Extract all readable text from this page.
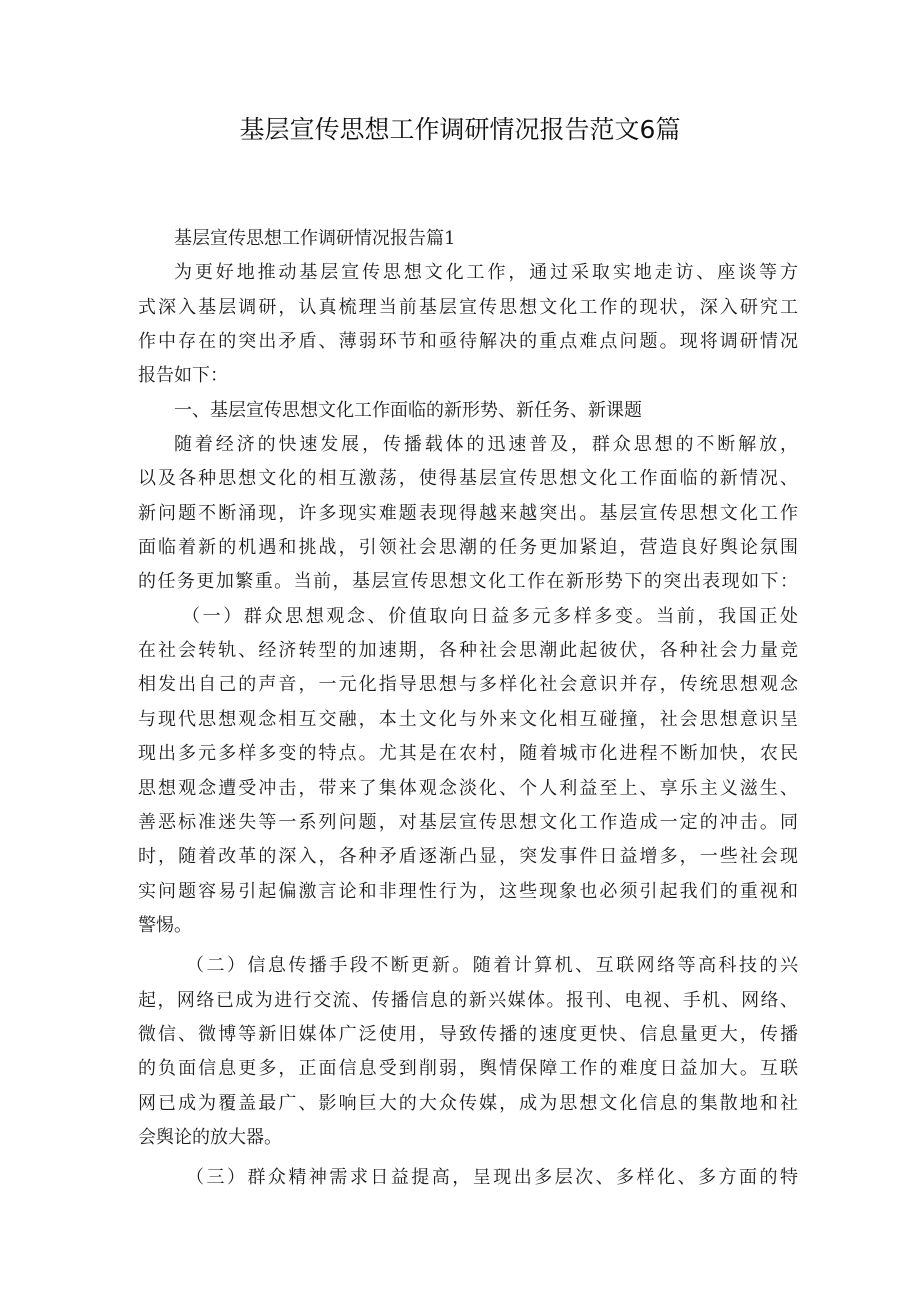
基层宣传思想工作调研情况报告范文6篇
基层宣传思想工作调研情况报告篇1
为更好地推动基层宣传思想文化工作，通过采取实地走访、座谈等方
式深入基层调研，认真梳理当前基层宣传思想文化工作的现状，深入研究工
作中存在的突出矛盾、薄弱环节和亟待解决的重点难点问题。现将调研情况
报告如下：
一、基层宣传思想文化工作面临的新形势、新任务、新课题
随着经济的快速发展，传播载体的迅速普及，群众思想的不断解放，
以及各种思想文化的相互激荡，使得基层宣传思想文化工作面临的新情况、
新问题不断涌现，许多现实难题表现得越来越突出。基层宣传思想文化工作
面临着新的机遇和挑战，引领社会思潮的任务更加紧迫，营造良好舆论氛围
的任务更加繁重。当前，基层宣传思想文化工作在新形势下的突出表现如下：
（一）群众思想观念、价值取向日益多元多样多变。当前，我国正处
在社会转轨、经济转型的加速期，各种社会思潮此起彼伏，各种社会力量竞
相发出自己的声音，一元化指导思想与多样化社会意识并存，传统思想观念
与现代思想观念相互交融，本土文化与外来文化相互碰撞，社会思想意识呈
现出多元多样多变的特点。尤其是在农村，随着城市化进程不断加快，农民
思想观念遭受冲击，带来了集体观念淡化、个人利益至上、享乐主义滋生、
善恶标准迷失等一系列问题，对基层宣传思想文化工作造成一定的冲击。同
时，随着改革的深入，各种矛盾逐渐凸显，突发事件日益增多，一些社会现
实问题容易引起偏激言论和非理性行为，这些现象也必须引起我们的重视和
警惕。
（二）信息传播手段不断更新。随着计算机、互联网络等高科技的兴
起，网络已成为进行交流、传播信息的新兴媒体。报刊、电视、手机、网络、
微信、微博等新旧媒体广泛使用，导致传播的速度更快、信息量更大，传播
的负面信息更多，正面信息受到削弱，舆情保障工作的难度日益加大。互联
网已成为覆盖最广、影响巨大的大众传媒，成为思想文化信息的集散地和社
会舆论的放大器。
（三）群众精神需求日益提高，呈现出多层次、多样化、多方面的特
